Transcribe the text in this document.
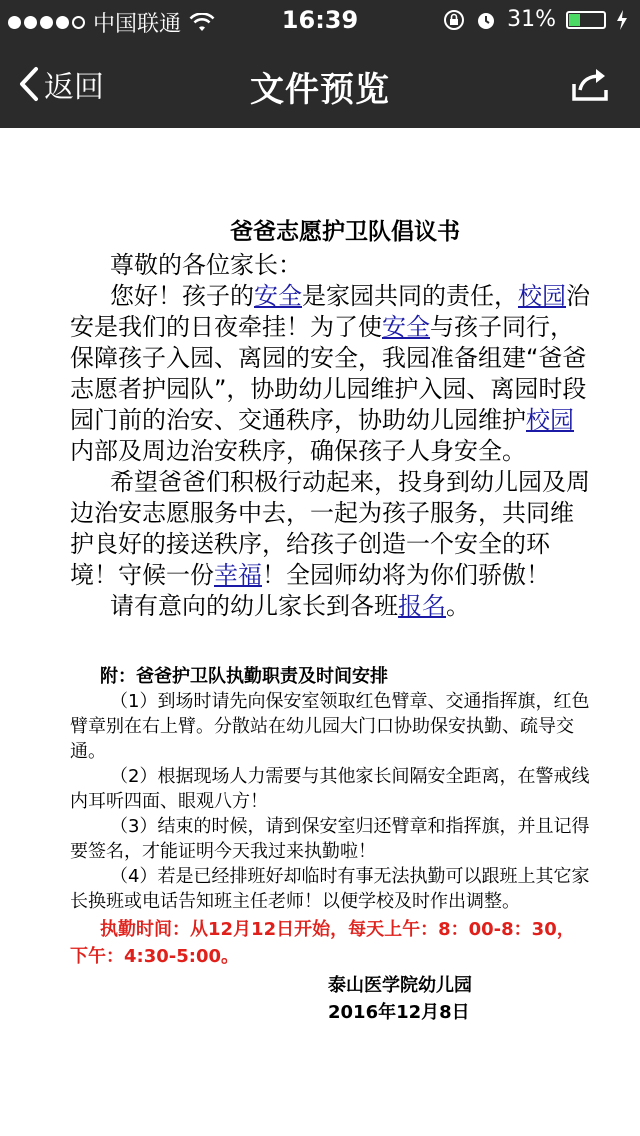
中国联通	16:39	31%
返回	文件预览
爸爸志愿护卫队倡议书

尊敬的各位家长：

您好！孩子的安全是家园共同的责任，校园治安是我们的日夜牵挂！为了使安全与孩子同行，保障孩子入园、离园的安全，我园准备组建“爸爸志愿者护园队”，协助幼儿园维护入园、离园时段园门前的治安、交通秩序，协助幼儿园维护校园内部及周边治安秩序，确保孩子人身安全。

希望爸爸们积极行动起来，投身到幼儿园及周边治安志愿服务中去，一起为孩子服务，共同维护良好的接送秩序，给孩子创造一个安全的环境！守候一份幸福！全园师幼将为你们骄傲！

请有意向的幼儿家长到各班报名。

附：爸爸护卫队执勤职责及时间安排
（1）到场时请先向保安室领取红色臂章、交通指挥旗，红色臂章别在右上臂。分散站在幼儿园大门口协助保安执勤、疏导交通。
（2）根据现场人力需要与其他家长间隔安全距离，在警戒线内耳听四面、眼观八方！
（3）结束的时候，请到保安室归还臂章和指挥旗，并且记得要签名，才能证明今天我过来执勤啦！
（4）若是已经排班好却临时有事无法执勤可以跟班上其它家长换班或电话告知班主任老师！以便学校及时作出调整。
执勤时间：从12月12日开始，每天上午：8：00-8：30，下午：4:30-5:00。
泰山医学院幼儿园
2016年12月8日
